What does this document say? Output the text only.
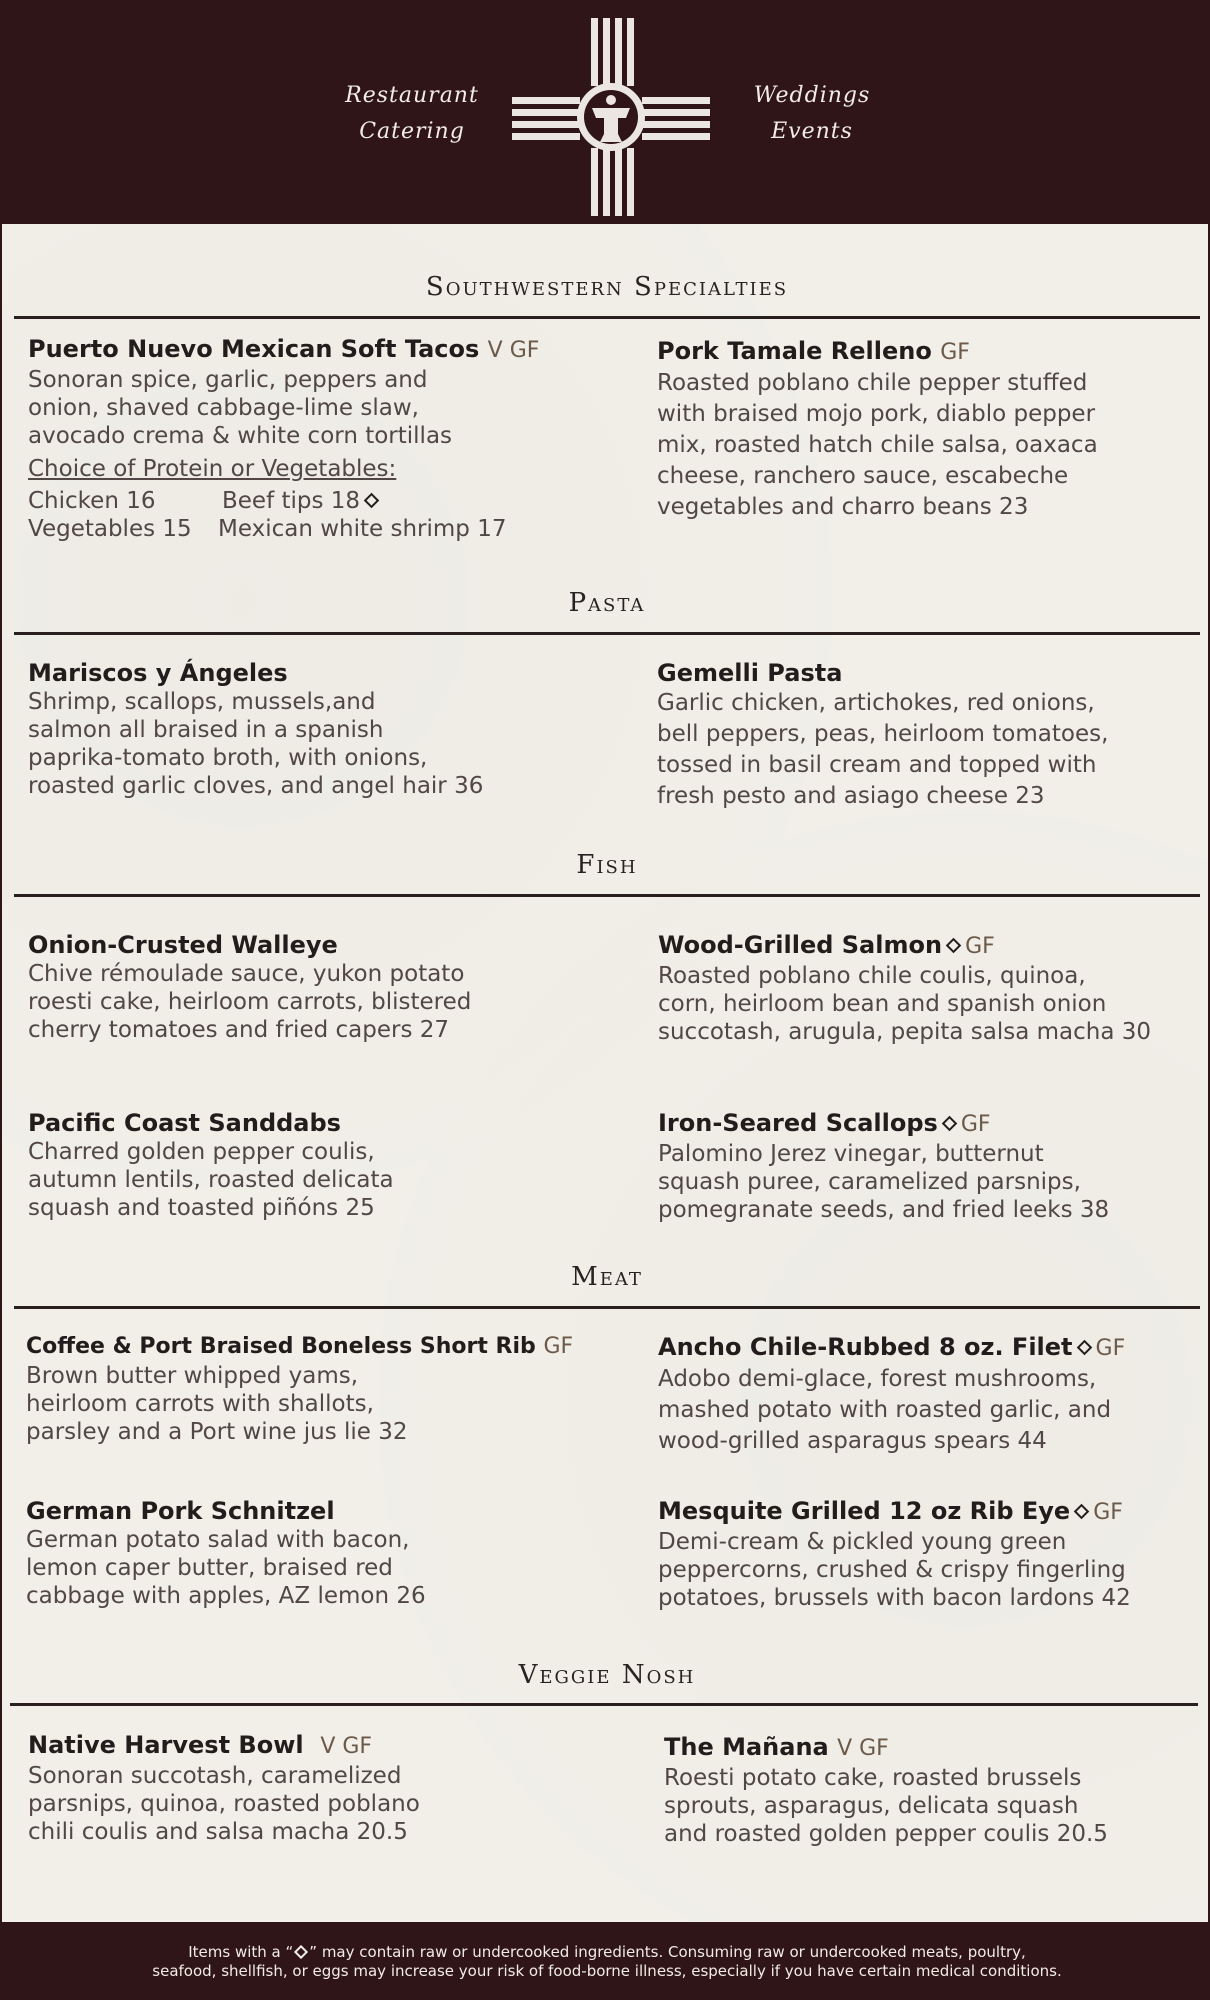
Restaurant
Catering
Weddings
Events
Southwestern Specialties
Puerto Nuevo Mexican Soft Tacos V GF
Sonoran spice, garlic, peppers and
onion, shaved cabbage-lime slaw,
avocado crema & white corn tortillas
Choice of Protein or Vegetables:
Chicken 16	Beef tips 18
Vegetables 15 Mexican white shrimp 17
Pork Tamale Relleno GF
Roasted poblano chile pepper stuffed
with braised mojo pork, diablo pepper
mix, roasted hatch chile salsa, oaxaca
cheese, ranchero sauce, escabeche
vegetables and charro beans 23
Pasta
Mariscos y Ángeles
Shrimp, scallops, mussels,and
salmon all braised in a spanish
paprika-tomato broth, with onions,
roasted garlic cloves, and angel hair 36
Gemelli Pasta
Garlic chicken, artichokes, red onions,
bell peppers, peas, heirloom tomatoes,
tossed in basil cream and topped with
fresh pesto and asiago cheese 23
Fish
Onion-Crusted Walleye
Chive rémoulade sauce, yukon potato
roesti cake, heirloom carrots, blistered
cherry tomatoes and fried capers 27
Wood-Grilled Salmon GF
Roasted poblano chile coulis, quinoa,
corn, heirloom bean and spanish onion
succotash, arugula, pepita salsa macha 30
Pacific Coast Sanddabs
Charred golden pepper coulis,
autumn lentils, roasted delicata
squash and toasted piñóns 25
Iron-Seared Scallops GF
Palomino Jerez vinegar, butternut
squash puree, caramelized parsnips,
pomegranate seeds, and fried leeks 38
Meat
Coffee & Port Braised Boneless Short Rib GF
Brown butter whipped yams,
heirloom carrots with shallots,
parsley and a Port wine jus lie 32
Ancho Chile-Rubbed 8 oz. Filet GF
Adobo demi-glace, forest mushrooms,
mashed potato with roasted garlic, and
wood-grilled asparagus spears 44
German Pork Schnitzel
German potato salad with bacon,
lemon caper butter, braised red
cabbage with apples, AZ lemon 26
Mesquite Grilled 12 oz Rib Eye GF
Demi-cream & pickled young green
peppercorns, crushed & crispy fingerling
potatoes, brussels with bacon lardons 42
Veggie Nosh
Native Harvest Bowl V GF
Sonoran succotash, caramelized
parsnips, quinoa, roasted poblano
chili coulis and salsa macha 20.5
The Mañana V GF
Roesti potato cake, roasted brussels
sprouts, asparagus, delicata squash
and roasted golden pepper coulis 20.5
Items with a “ ” may contain raw or undercooked ingredients. Consuming raw or undercooked meats, poultry,
seafood, shellfish, or eggs may increase your risk of food-borne illness, especially if you have certain medical conditions.
